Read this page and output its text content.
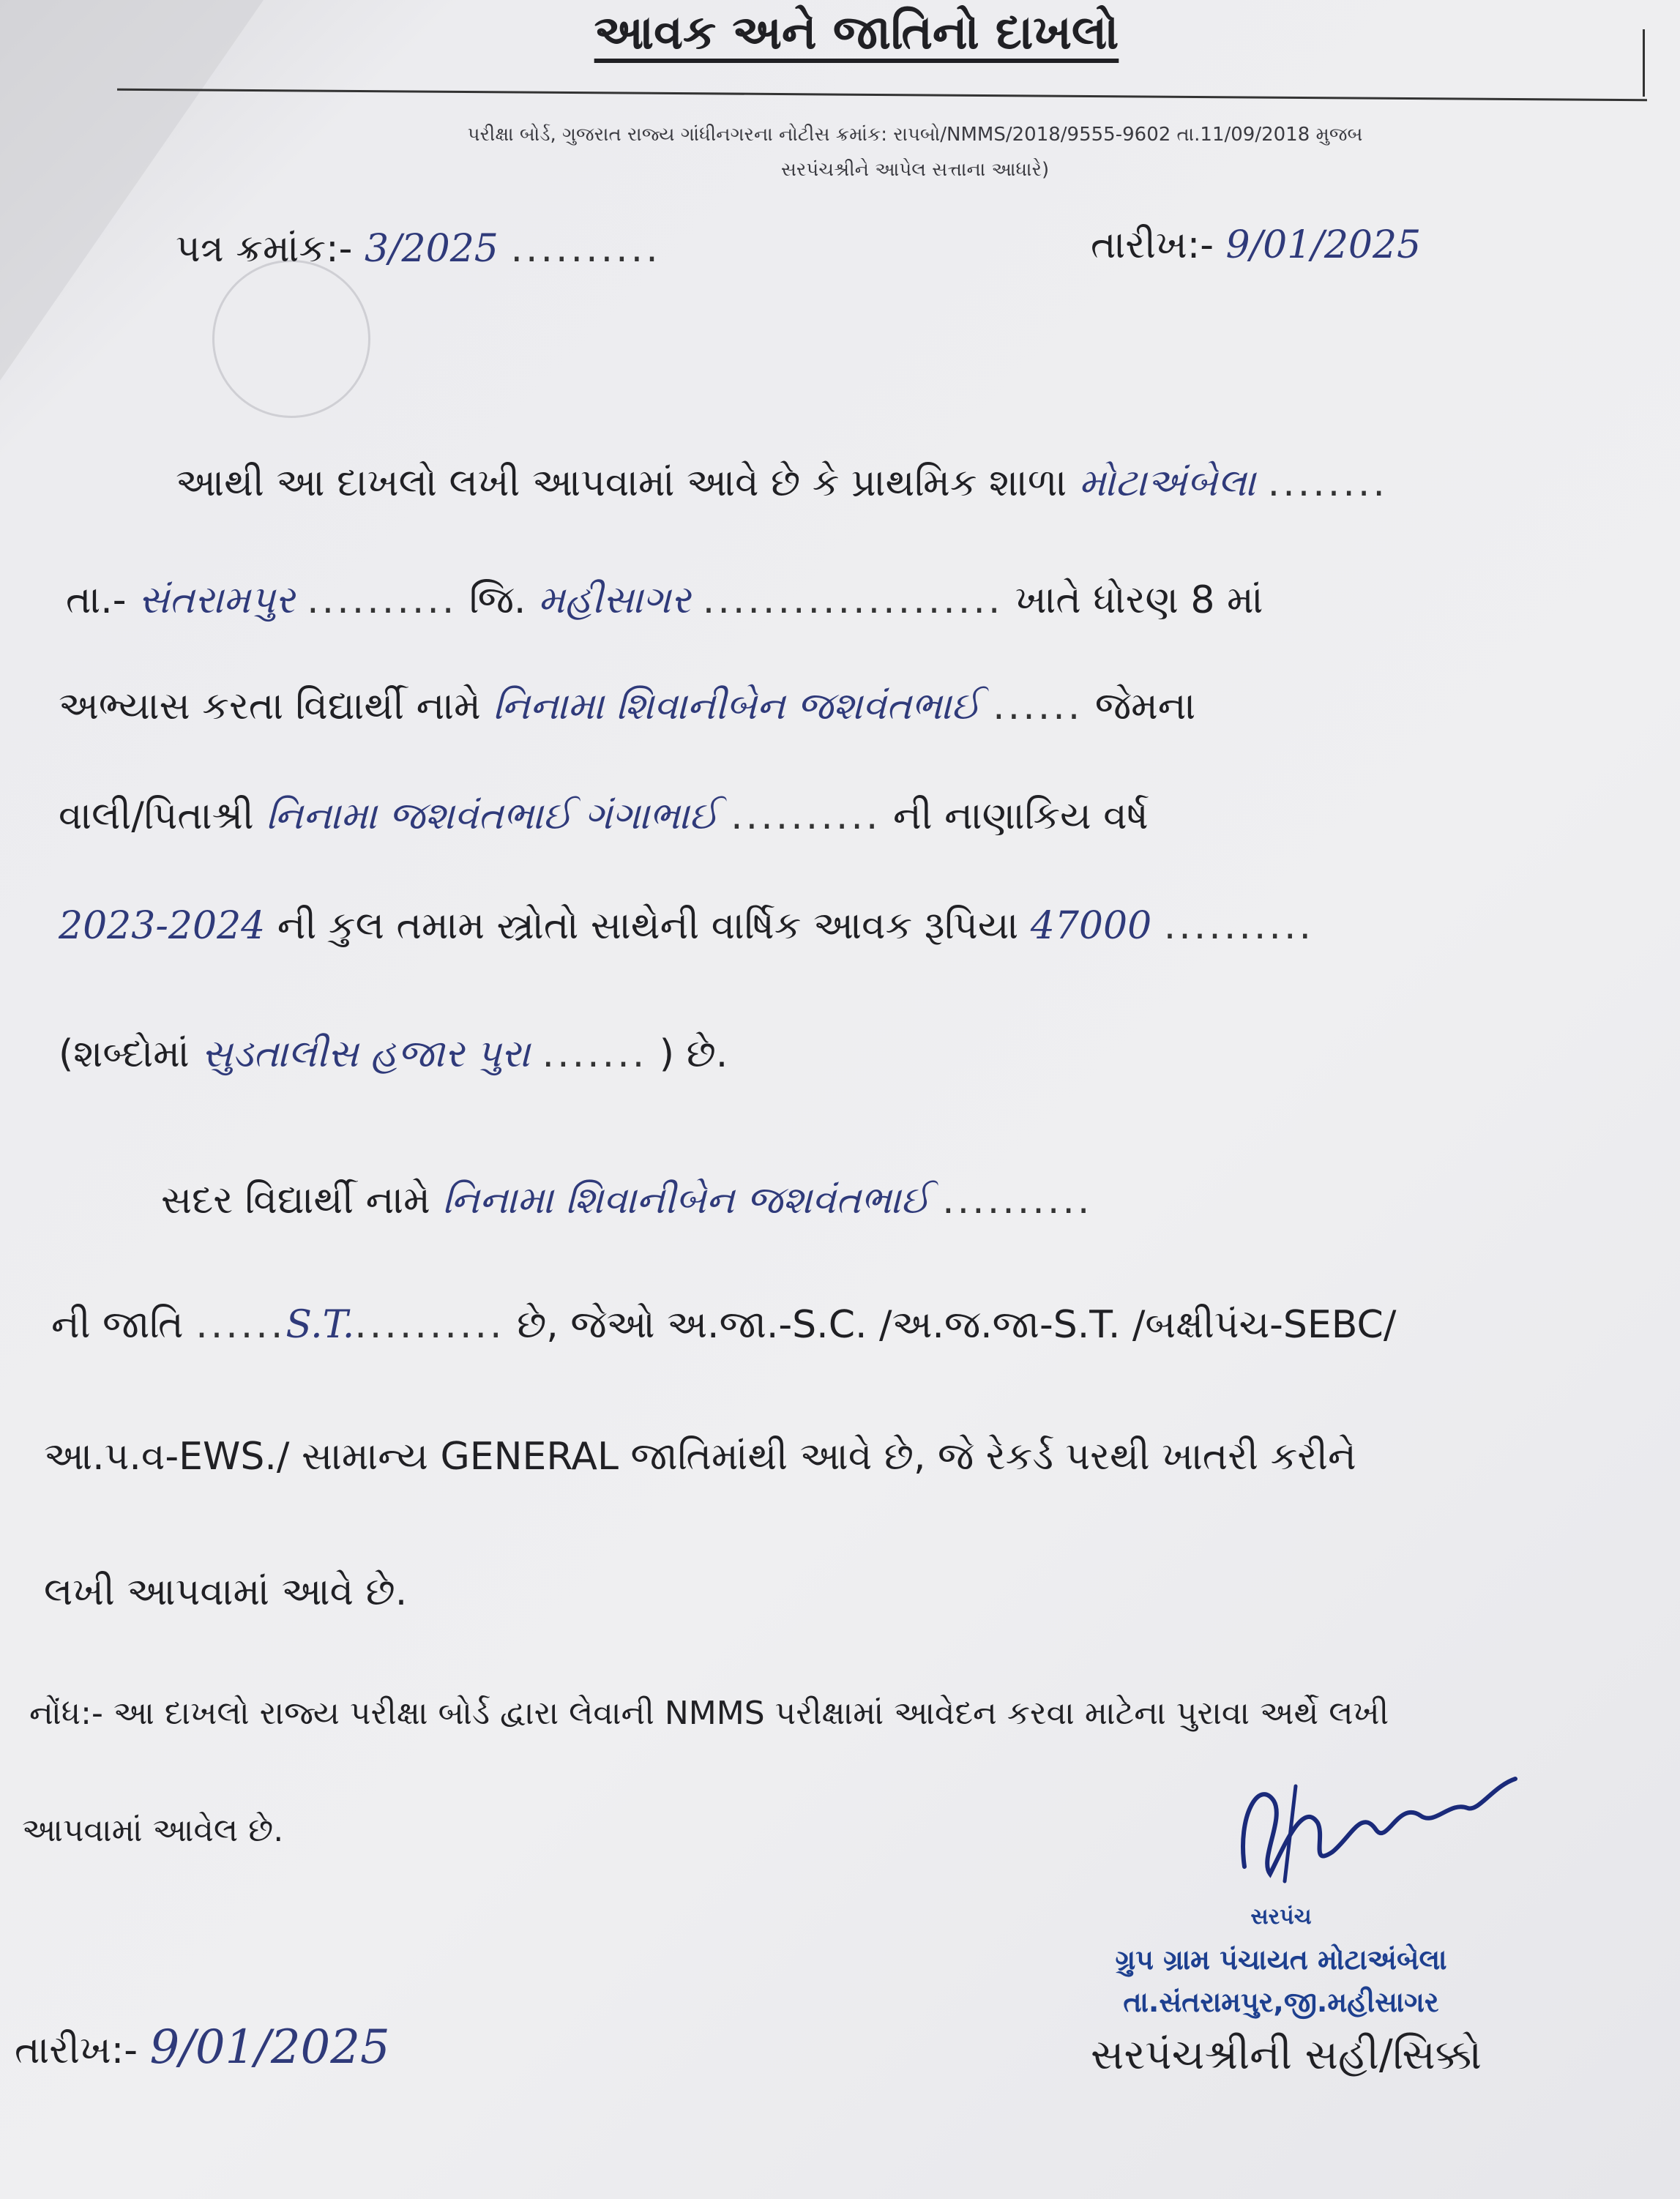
આવક અને જાતિનો દાખલો
પરીક્ષા બોર્ડ, ગુજરાત રાજ્ય ગાંધીનગરના નોટીસ ક્રમાંક: રાપબો/NMMS/2018/9555-9602 તા.11/09/2018 મુજબ
સરપંચશ્રીને આપેલ સત્તાના આધારે)
પત્ર ક્રમાંક:- 3/2025 ..........	તારીખ:- 9/01/2025
આથી આ દાખલો લખી આપવામાં આવે છે કે પ્રાથમિક શાળા મોટાઅંબેલા ........
તા.- સંતરામપુર .......... જિ. મહીસાગર .................... ખાતે ધોરણ 8 માં
અભ્યાસ કરતા વિદ્યાર્થી નામે નિનામા શિવાનીબેન જશવંતભાઈ ...... જેમના
વાલી/પિતાશ્રી નિનામા જશવંતભાઈ ગંગાભાઈ .......... ની નાણાકિય વર્ષ
2023-2024 ની કુલ તમામ સ્ત્રોતો સાથેની વાર્ષિક આવક રૂપિયા 47000 ..........
(શબ્દોમાં સુડતાલીસ હજાર પુરા ....... ) છે.
સદર વિદ્યાર્થી નામે નિનામા શિવાનીબેન જશવંતભાઈ ..........
ની જાતિ ......S.T........... છે, જેઓ અ.જા.-S.C. /અ.જ.જા-S.T. /બક્ષીપંચ-SEBC/
આ.પ.વ-EWS./ સામાન્ય GENERAL જાતિમાંથી આવે છે, જે રેકર્ડ પરથી ખાતરી કરીને
લખી આપવામાં આવે છે.
નોંધ:- આ દાખલો રાજ્ય પરીક્ષા બોર્ડ દ્વારા લેવાની NMMS પરીક્ષામાં આવેદન કરવા માટેના પુરાવા અર્થે લખી
આપવામાં આવેલ છે.
સરપંચ
ગ્રુપ ગ્રામ પંચાયત મોટાઅંબેલા
તા.સંતરામપુર,જી.મહીસાગર
તારીખ:- 9/01/2025	સરપંચશ્રીની સહી/સિક્કો
